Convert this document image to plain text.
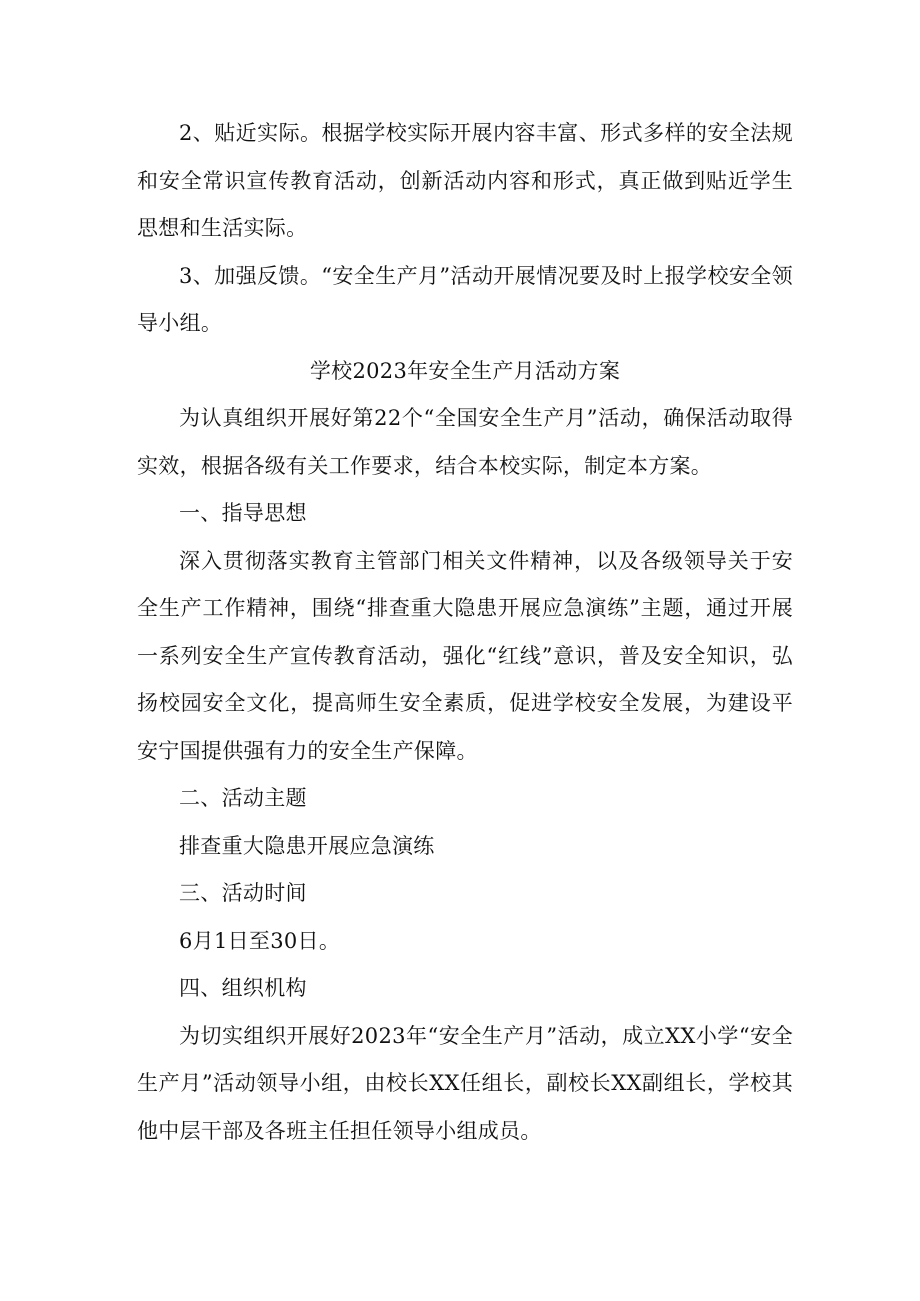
2、贴近实际。根据学校实际开展内容丰富、形式多样的安全法规和安全常识宣传教育活动，创新活动内容和形式，真正做到贴近学生思想和生活实际。

3、加强反馈。“安全生产月”活动开展情况要及时上报学校安全领导小组。

学校2023年安全生产月活动方案

为认真组织开展好第22个“全国安全生产月”活动，确保活动取得实效，根据各级有关工作要求，结合本校实际，制定本方案。

一、指导思想

深入贯彻落实教育主管部门相关文件精神，以及各级领导关于安全生产工作精神，围绕“排查重大隐患开展应急演练”主题，通过开展一系列安全生产宣传教育活动，强化“红线”意识，普及安全知识，弘扬校园安全文化，提高师生安全素质，促进学校安全发展，为建设平安宁国提供强有力的安全生产保障。

二、活动主题

排查重大隐患开展应急演练

三、活动时间

6月1日至30日。

四、组织机构

为切实组织开展好2023年“安全生产月”活动，成立XX小学“安全生产月”活动领导小组，由校长XX任组长，副校长XX副组长，学校其他中层干部及各班主任担任领导小组成员。
